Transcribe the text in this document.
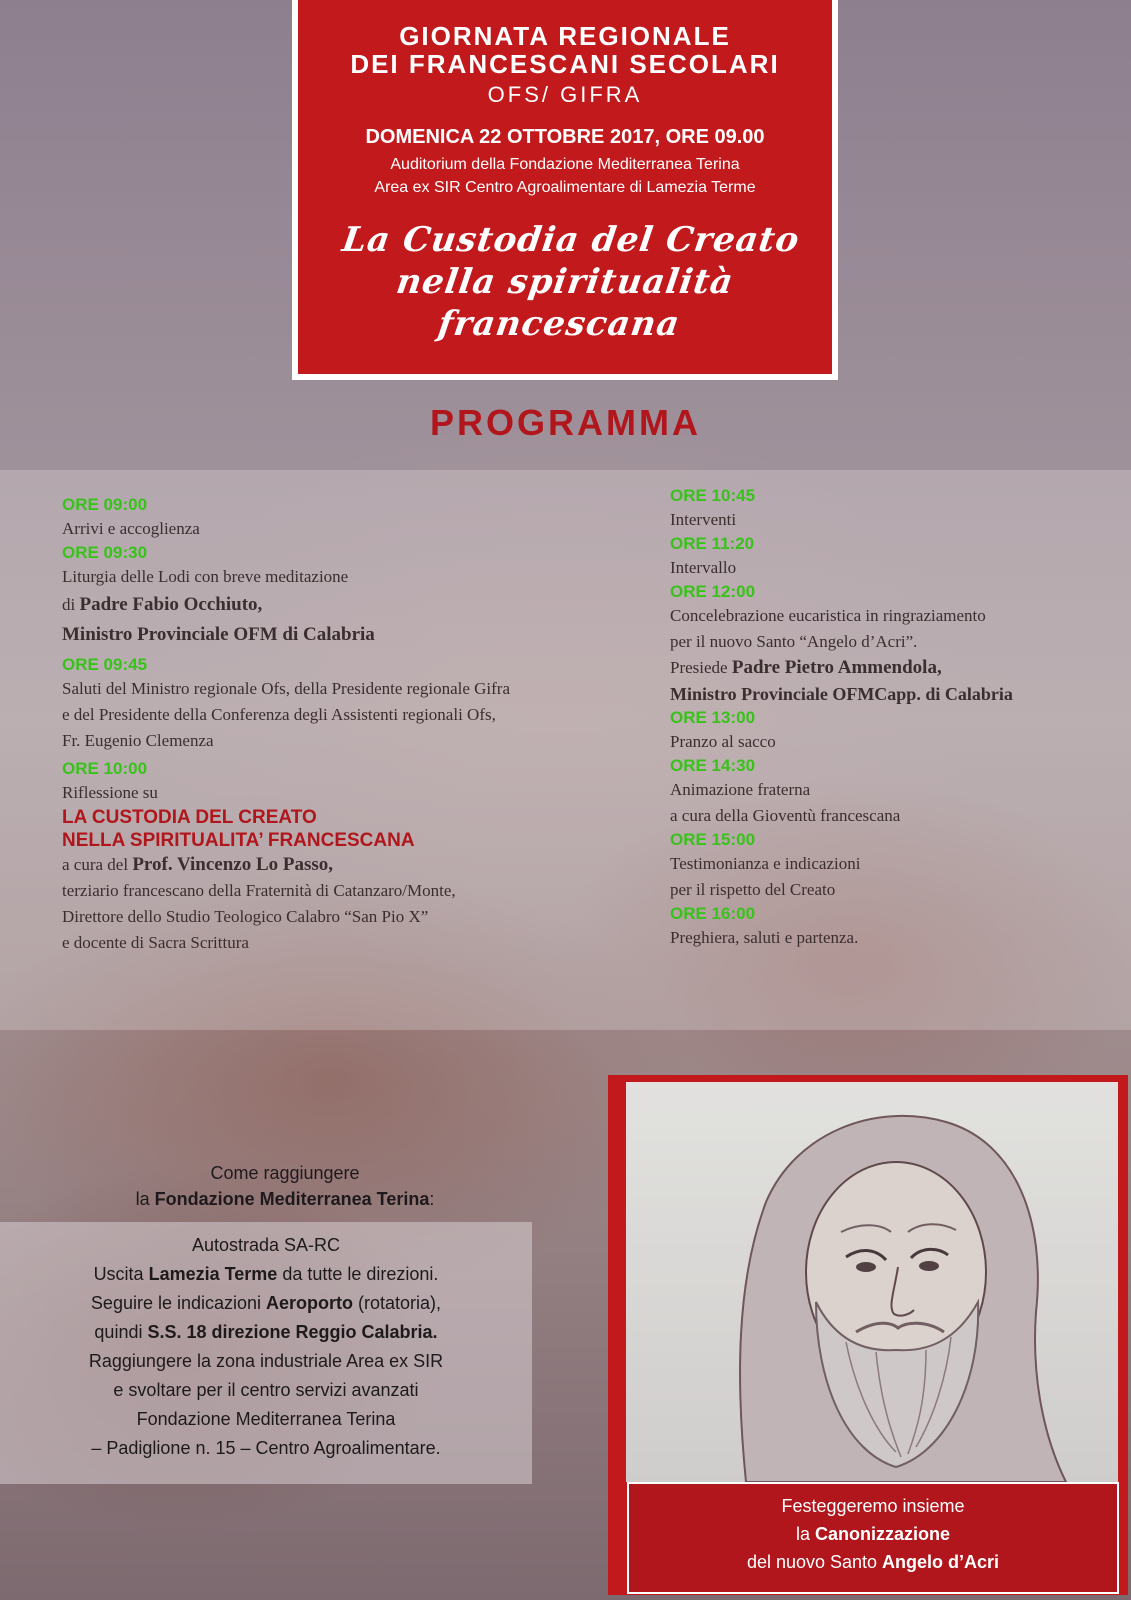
GIORNATA REGIONALE
DEI FRANCESCANI SECOLARI
OFS/ GIFRA
DOMENICA 22 OTTOBRE 2017, ORE 09.00
Auditorium della Fondazione Mediterranea Terina
Area ex SIR Centro Agroalimentare di Lamezia Terme
La Custodia del Creato
nella spiritualità francescana
PROGRAMMA
ORE 09:00
Arrivi e accoglienza
ORE 09:30
Liturgia delle Lodi con breve meditazione
di Padre Fabio Occhiuto,
Ministro Provinciale OFM di Calabria
ORE 09:45
Saluti del Ministro regionale Ofs, della Presidente regionale Gifra
e del Presidente della Conferenza degli Assistenti regionali Ofs,
Fr. Eugenio Clemenza
ORE 10:00
Riflessione su
LA CUSTODIA DEL CREATO
NELLA SPIRITUALITA’ FRANCESCANA
a cura del Prof. Vincenzo Lo Passo,
terziario francescano della Fraternità di Catanzaro/Monte,
Direttore dello Studio Teologico Calabro “San Pio X”
e docente di Sacra Scrittura
ORE 10:45
Interventi
ORE 11:20
Intervallo
ORE 12:00
Concelebrazione eucaristica in ringraziamento
per il nuovo Santo “Angelo d’Acri”.
Presiede Padre Pietro Ammendola,
Ministro Provinciale OFMCapp. di Calabria
ORE 13:00
Pranzo al sacco
ORE 14:30
Animazione fraterna
a cura della Gioventù francescana
ORE 15:00
Testimonianza e indicazioni
per il rispetto del Creato
ORE 16:00
Preghiera, saluti e partenza.
Come raggiungere
la Fondazione Mediterranea Terina:
Autostrada SA-RC
Uscita Lamezia Terme da tutte le direzioni.
Seguire le indicazioni Aeroporto (rotatoria),
quindi S.S. 18 direzione Reggio Calabria.
Raggiungere la zona industriale Area ex SIR
e svoltare per il centro servizi avanzati
Fondazione Mediterranea Terina
– Padiglione n. 15 – Centro Agroalimentare.
Festeggeremo insieme
la Canonizzazione
del nuovo Santo Angelo d’Acri
